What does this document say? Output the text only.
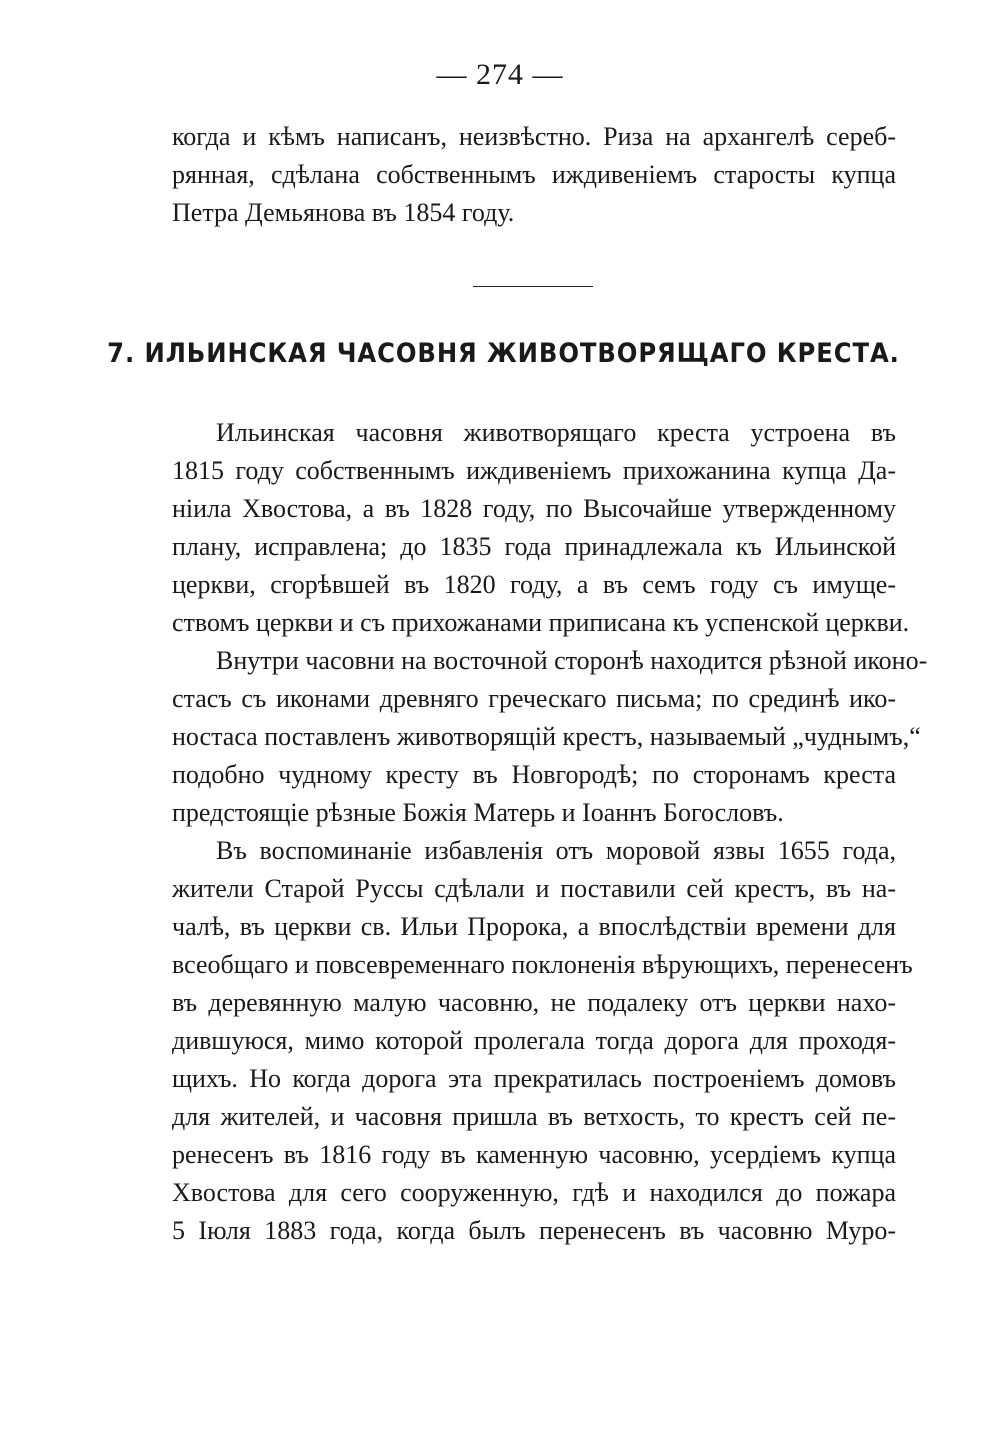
— 274 —
когда и кѣмъ написанъ, неизвѣстно. Риза на архангелѣ сереб-
рянная, сдѣлана собственнымъ иждивенiемъ старосты купца
Петра Демьянова въ 1854 году.
7. ИЛЬИНСКАЯ ЧАСОВНЯ ЖИВОТВОРЯЩАГО КРЕСТА.
Ильинская часовня животворящаго креста устроена въ
1815 году собственнымъ иждивенiемъ прихожанина купца Да-
нiила Хвостова, а въ 1828 году, по Высочайше утвержденному
плану, исправлена; до 1835 года принадлежала къ Ильинской
церкви, сгорѣвшей въ 1820 году, а въ семъ году съ имуще-
ствомъ церкви и съ прихожанами приписана къ успенской церкви.
Внутри часовни на восточной сторонѣ находится рѣзной иконо-
стасъ съ иконами древняго греческаго письма; по срединѣ ико-
ностаса поставленъ животворящiй крестъ, называемый „чуднымъ,“
подобно чудному кресту въ Новгородѣ; по сторонамъ креста
предстоящiе рѣзные Божiя Матерь и Iоаннъ Богословъ.
Въ воспоминанiе избавленiя отъ моровой язвы 1655 года,
жители Старой Руссы сдѣлали и поставили сей крестъ, въ на-
чалѣ, въ церкви св. Ильи Пророка, а впослѣдствiи времени для
всеобщаго и повсевременнаго поклоненiя вѣрующихъ, перенесенъ
въ деревянную малую часовню, не подалеку отъ церкви нахо-
дившуюся, мимо которой пролегала тогда дорога для проходя-
щихъ. Но когда дорога эта прекратилась построенiемъ домовъ
для жителей, и часовня пришла въ ветхость, то крестъ сей пе-
ренесенъ въ 1816 году въ каменную часовню, усердiемъ купца
Хвостова для сего сооруженную, гдѣ и находился до пожара
5 Iюля 1883 года, когда былъ перенесенъ въ часовню Муро-
